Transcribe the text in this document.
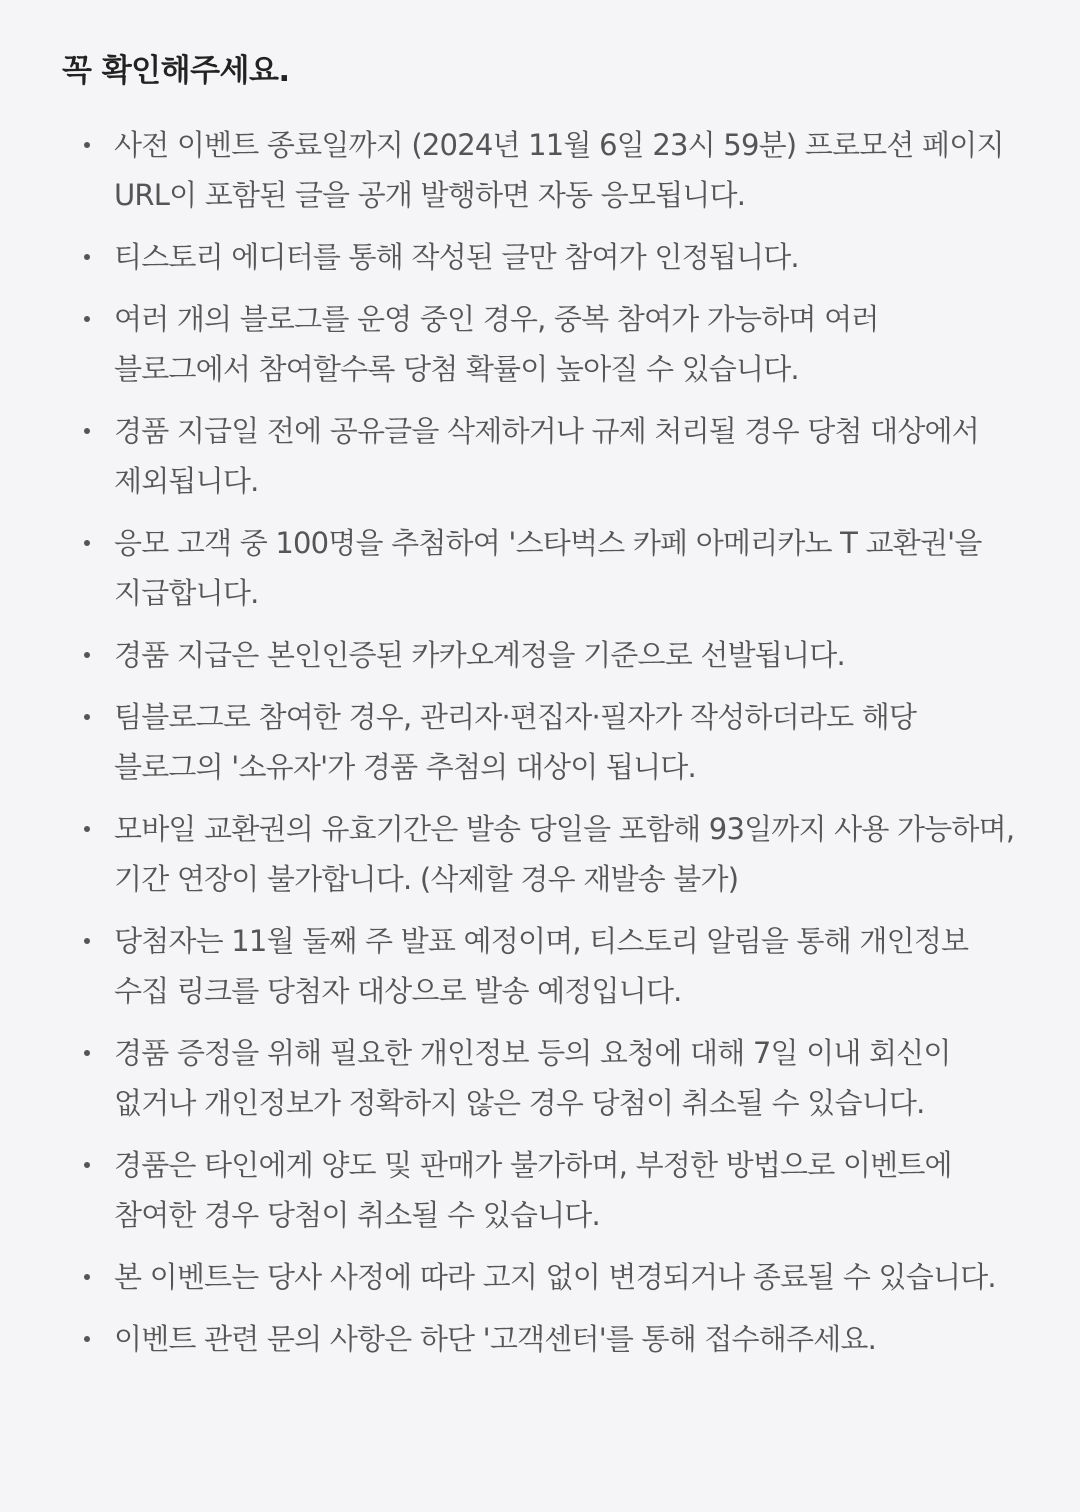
꼭 확인해주세요.
사전 이벤트 종료일까지 (2024년 11월 6일 23시 59분) 프로모션 페이지 URL이 포함된 글을 공개 발행하면 자동 응모됩니다.
티스토리 에디터를 통해 작성된 글만 참여가 인정됩니다.
여러 개의 블로그를 운영 중인 경우, 중복 참여가 가능하며 여러 블로그에서 참여할수록 당첨 확률이 높아질 수 있습니다.
경품 지급일 전에 공유글을 삭제하거나 규제 처리될 경우 당첨 대상에서 제외됩니다.
응모 고객 중 100명을 추첨하여 '스타벅스 카페 아메리카노 T 교환권'을 지급합니다.
경품 지급은 본인인증된 카카오계정을 기준으로 선발됩니다.
팀블로그로 참여한 경우, 관리자·편집자·필자가 작성하더라도 해당 블로그의 '소유자'가 경품 추첨의 대상이 됩니다.
모바일 교환권의 유효기간은 발송 당일을 포함해 93일까지 사용 가능하며, 기간 연장이 불가합니다. (삭제할 경우 재발송 불가)
당첨자는 11월 둘째 주 발표 예정이며, 티스토리 알림을 통해 개인정보 수집 링크를 당첨자 대상으로 발송 예정입니다.
경품 증정을 위해 필요한 개인정보 등의 요청에 대해 7일 이내 회신이 없거나 개인정보가 정확하지 않은 경우 당첨이 취소될 수 있습니다.
경품은 타인에게 양도 및 판매가 불가하며, 부정한 방법으로 이벤트에 참여한 경우 당첨이 취소될 수 있습니다.
본 이벤트는 당사 사정에 따라 고지 없이 변경되거나 종료될 수 있습니다.
이벤트 관련 문의 사항은 하단 '고객센터'를 통해 접수해주세요.
